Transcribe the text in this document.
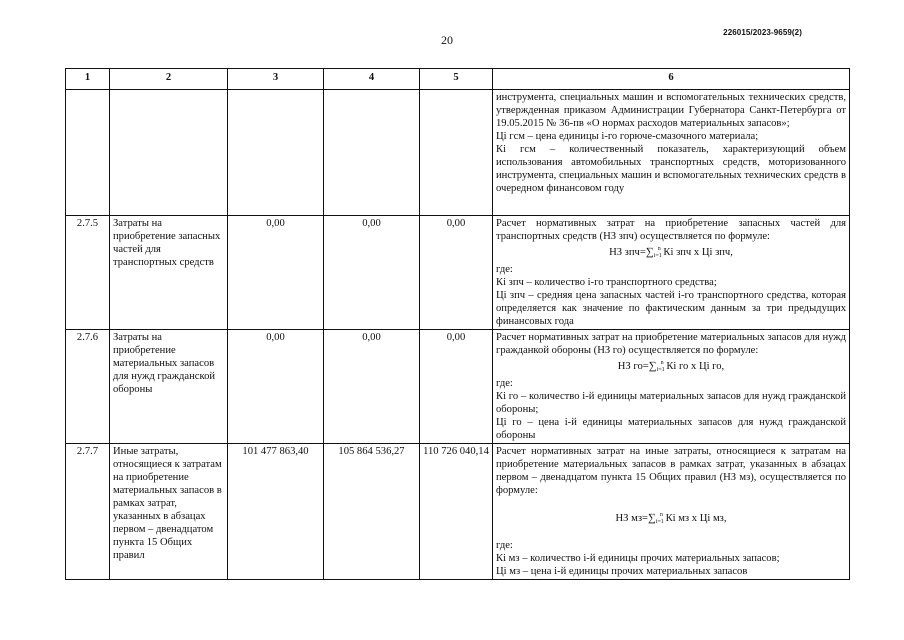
20
226015/2023-9659(2)
1	2	3	4	5	6

					инструмента, специальных машин и вспомогательных технических средств, утвержденная приказом Администрации Губернатора Санкт-Петербурга от 19.05.2015 № 36-пв «О нормах расходов материальных запасов»;
Цi гсм – цена единицы i-го горюче-смазочного материала;
Кi гсм – количественный показатель, характеризующий объем использования автомобильных транспортных средств, моторизованного инструмента, специальных машин и вспомогательных технических средств в очередном финансовом году

2.7.5	Затраты на приобретение запасных частей для транспортных средств	0,00	0,00	0,00	Расчет нормативных затрат на приобретение запасных частей для транспортных средств (НЗ зпч) осуществляется по формуле:
НЗ $зпч=\sum_{i=1}^n$ Кi зпч х Цi зпч,
где:
Кi зпч – количество i-го транспортного средства;
Цi зпч – средняя цена запасных частей i-го транспортного средства, которая определяется как значение по фактическим данным за три предыдущих финансовых года

2.7.6	Затраты на приобретение материальных запасов для нужд гражданской обороны	0,00	0,00	0,00	Расчет нормативных затрат на приобретение материальных запасов для нужд гражданкой обороны (НЗ го) осуществляется по формуле:
НЗ $го=\sum_{i=1}^n$ Кi го х Цi го,
где:
Кi го – количество i-й единицы материальных запасов для нужд гражданской обороны;
Цi го – цена i-й единицы материальных запасов для нужд гражданской обороны

2.7.7	Иные затраты, относящиеся к затратам на приобретение материальных запасов в рамках затрат, указанных в абзацах первом – двенадцатом пункта 15 Общих правил	101 477 863,40	105 864 536,27	110 726 040,14	Расчет нормативных затрат на иные затраты, относящиеся к затратам на приобретение материальных запасов в рамках затрат, указанных в абзацах первом – двенадцатом пункта 15 Общих правил (НЗ мз), осуществляется по формуле:
НЗ $мз=\sum_{i=1}^n$ Кi мз х Цi мз,
где:
Кi мз – количество i-й единицы прочих материальных запасов;
Цi мз – цена i-й единицы прочих материальных запасов
